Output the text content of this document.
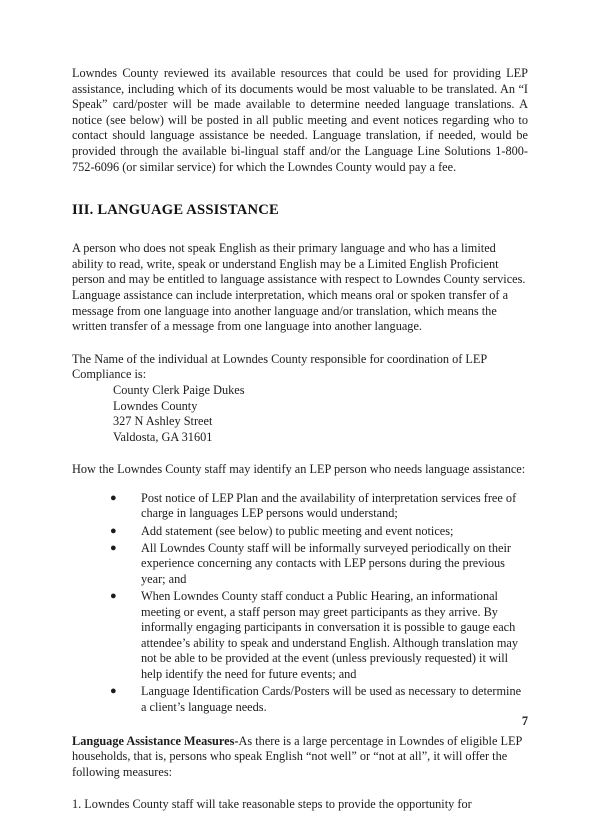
Lowndes County reviewed its available resources that could be used for providing LEP assistance, including which of its documents would be most valuable to be translated. An “I Speak” card/poster will be made available to determine needed language translations. A notice (see below) will be posted in all public meeting and event notices regarding who to contact should language assistance be needed. Language translation, if needed, would be provided through the available bi-lingual staff and/or the Language Line Solutions 1-800-752-6096 (or similar service) for which the Lowndes County would pay a fee.

III. LANGUAGE ASSISTANCE

A person who does not speak English as their primary language and who has a limited ability to read, write, speak or understand English may be a Limited English Proficient person and may be entitled to language assistance with respect to Lowndes County services. Language assistance can include interpretation, which means oral or spoken transfer of a message from one language into another language and/or translation, which means the written transfer of a message from one language into another language.

The Name of the individual at Lowndes County responsible for coordination of LEP Compliance is:

County Clerk Paige Dukes
Lowndes County
327 N Ashley Street
Valdosta, GA 31601

How the Lowndes County staff may identify an LEP person who needs language assistance:

● Post notice of LEP Plan and the availability of interpretation services free of charge in languages LEP persons would understand;
● Add statement (see below) to public meeting and event notices;
● All Lowndes County staff will be informally surveyed periodically on their experience concerning any contacts with LEP persons during the previous year; and
● When Lowndes County staff conduct a Public Hearing, an informational meeting or event, a staff person may greet participants as they arrive. By informally engaging participants in conversation it is possible to gauge each attendee’s ability to speak and understand English. Although translation may not be able to be provided at the event (unless previously requested) it will help identify the need for future events; and
● Language Identification Cards/Posters will be used as necessary to determine a client’s language needs.

Language Assistance Measures-As there is a large percentage in Lowndes of eligible LEP households, that is, persons who speak English “not well” or “not at all”, it will offer the following measures:

1. Lowndes County staff will take reasonable steps to provide the opportunity for

7
